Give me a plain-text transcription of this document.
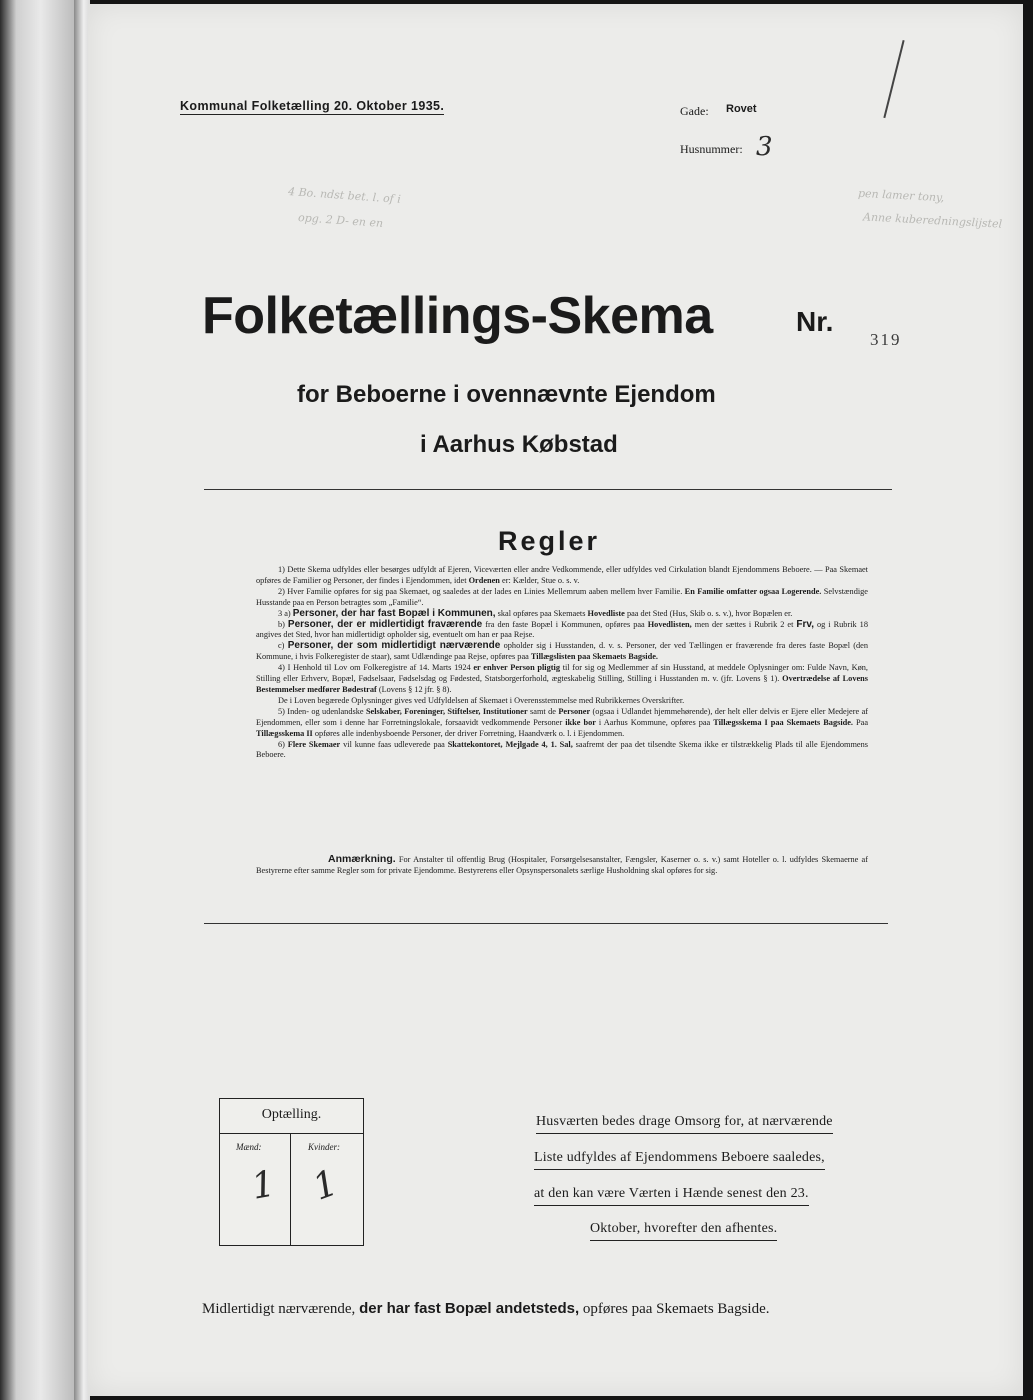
Kommunal Folketælling 20. Oktober 1935.	Gade: Rovet
Husnummer: 3
pen lamer tony,
Anne kuberedningslijstel
4 Bo. ndst bet. l. of i
opg. 2 D- en en
Folketællings-Skema	Nr.
319
for Beboerne i ovennævnte Ejendom
i Aarhus Købstad
Regler

1) Dette Skema udfyldes eller besørges udfyldt af Ejeren, Viceværten eller andre Vedkommende, eller udfyldes ved Cirkulation blandt Ejendommens Beboere. — Paa Skemaet opføres de Familier og Personer, der findes i Ejendommen, idet Ordenen er: Kælder, Stue o. s. v.

2) Hver Familie opføres for sig paa Skemaet, og saaledes at der lades en Linies Mellemrum aaben mellem hver Familie. En Familie omfatter ogsaa Logerende. Selvstændige Husstande paa en Person betragtes som „Familie“.

3 a) Personer, der har fast Bopæl i Kommunen, skal opføres paa Skemaets Hovedliste paa det Sted (Hus, Skib o. s. v.), hvor Bopælen er.

b) Personer, der er midlertidigt fraværende fra den faste Bopæl i Kommunen, opføres paa Hovedlisten, men der sættes i Rubrik 2 et Frv, og i Rubrik 18 angives det Sted, hvor han midlertidigt opholder sig, eventuelt om han er paa Rejse.

c) Personer, der som midlertidigt nærværende opholder sig i Husstanden, d. v. s. Personer, der ved Tællingen er fraværende fra deres faste Bopæl (den Kommune, i hvis Folkeregister de staar), samt Udlændinge paa Rejse, opføres paa Tillægslisten paa Skemaets Bagside.

4) I Henhold til Lov om Folkeregistre af 14. Marts 1924 er enhver Person pligtig til for sig og Medlemmer af sin Husstand, at meddele Oplysninger om: Fulde Navn, Køn, Stilling eller Erhverv, Bopæl, Fødselsaar, Fødselsdag og Fødested, Statsborgerforhold, ægteskabelig Stilling, Stilling i Husstanden m. v. (jfr. Lovens § 1). Overtrædelse af Lovens Bestemmelser medfører Bødestraf (Lovens § 12 jfr. § 8).

De i Loven begærede Oplysninger gives ved Udfyldelsen af Skemaet i Overensstemmelse med Rubrikkernes Overskrifter.

5) Inden- og udenlandske Selskaber, Foreninger, Stiftelser, Institutioner samt de Personer (ogsaa i Udlandet hjemmehørende), der helt eller delvis er Ejere eller Medejere af Ejendommen, eller som i denne har Forretningslokale, forsaavidt vedkommende Personer ikke bor i Aarhus Kommune, opføres paa Tillægsskema I paa Skemaets Bagside. Paa Tillægsskema II opføres alle indenbysboende Personer, der driver Forretning, Haandværk o. l. i Ejendommen.

6) Flere Skemaer vil kunne faas udleverede paa Skattekontoret, Mejlgade 4, 1. Sal, saafremt der paa det tilsendte Skema ikke er tilstrækkelig Plads til alle Ejendommens Beboere.

Anmærkning. For Anstalter til offentlig Brug (Hospitaler, Forsørgelsesanstalter, Fængsler, Kaserner o. s. v.) samt Hoteller o. l. udfyldes Skemaerne af Bestyrerne efter samme Regler som for private Ejendomme. Bestyrerens eller Opsynspersonalets særlige Husholdning skal opføres for sig.
Optælling.
Mænd:	Kvinder:
1 1
Husværten bedes drage Omsorg for, at nærværende
Liste udfyldes af Ejendommens Beboere saaledes,
at den kan være Værten i Hænde senest den 23.
Oktober, hvorefter den afhentes.
Midlertidigt nærværende, der har fast Bopæl andetsteds, opføres paa Skemaets Bagside.
